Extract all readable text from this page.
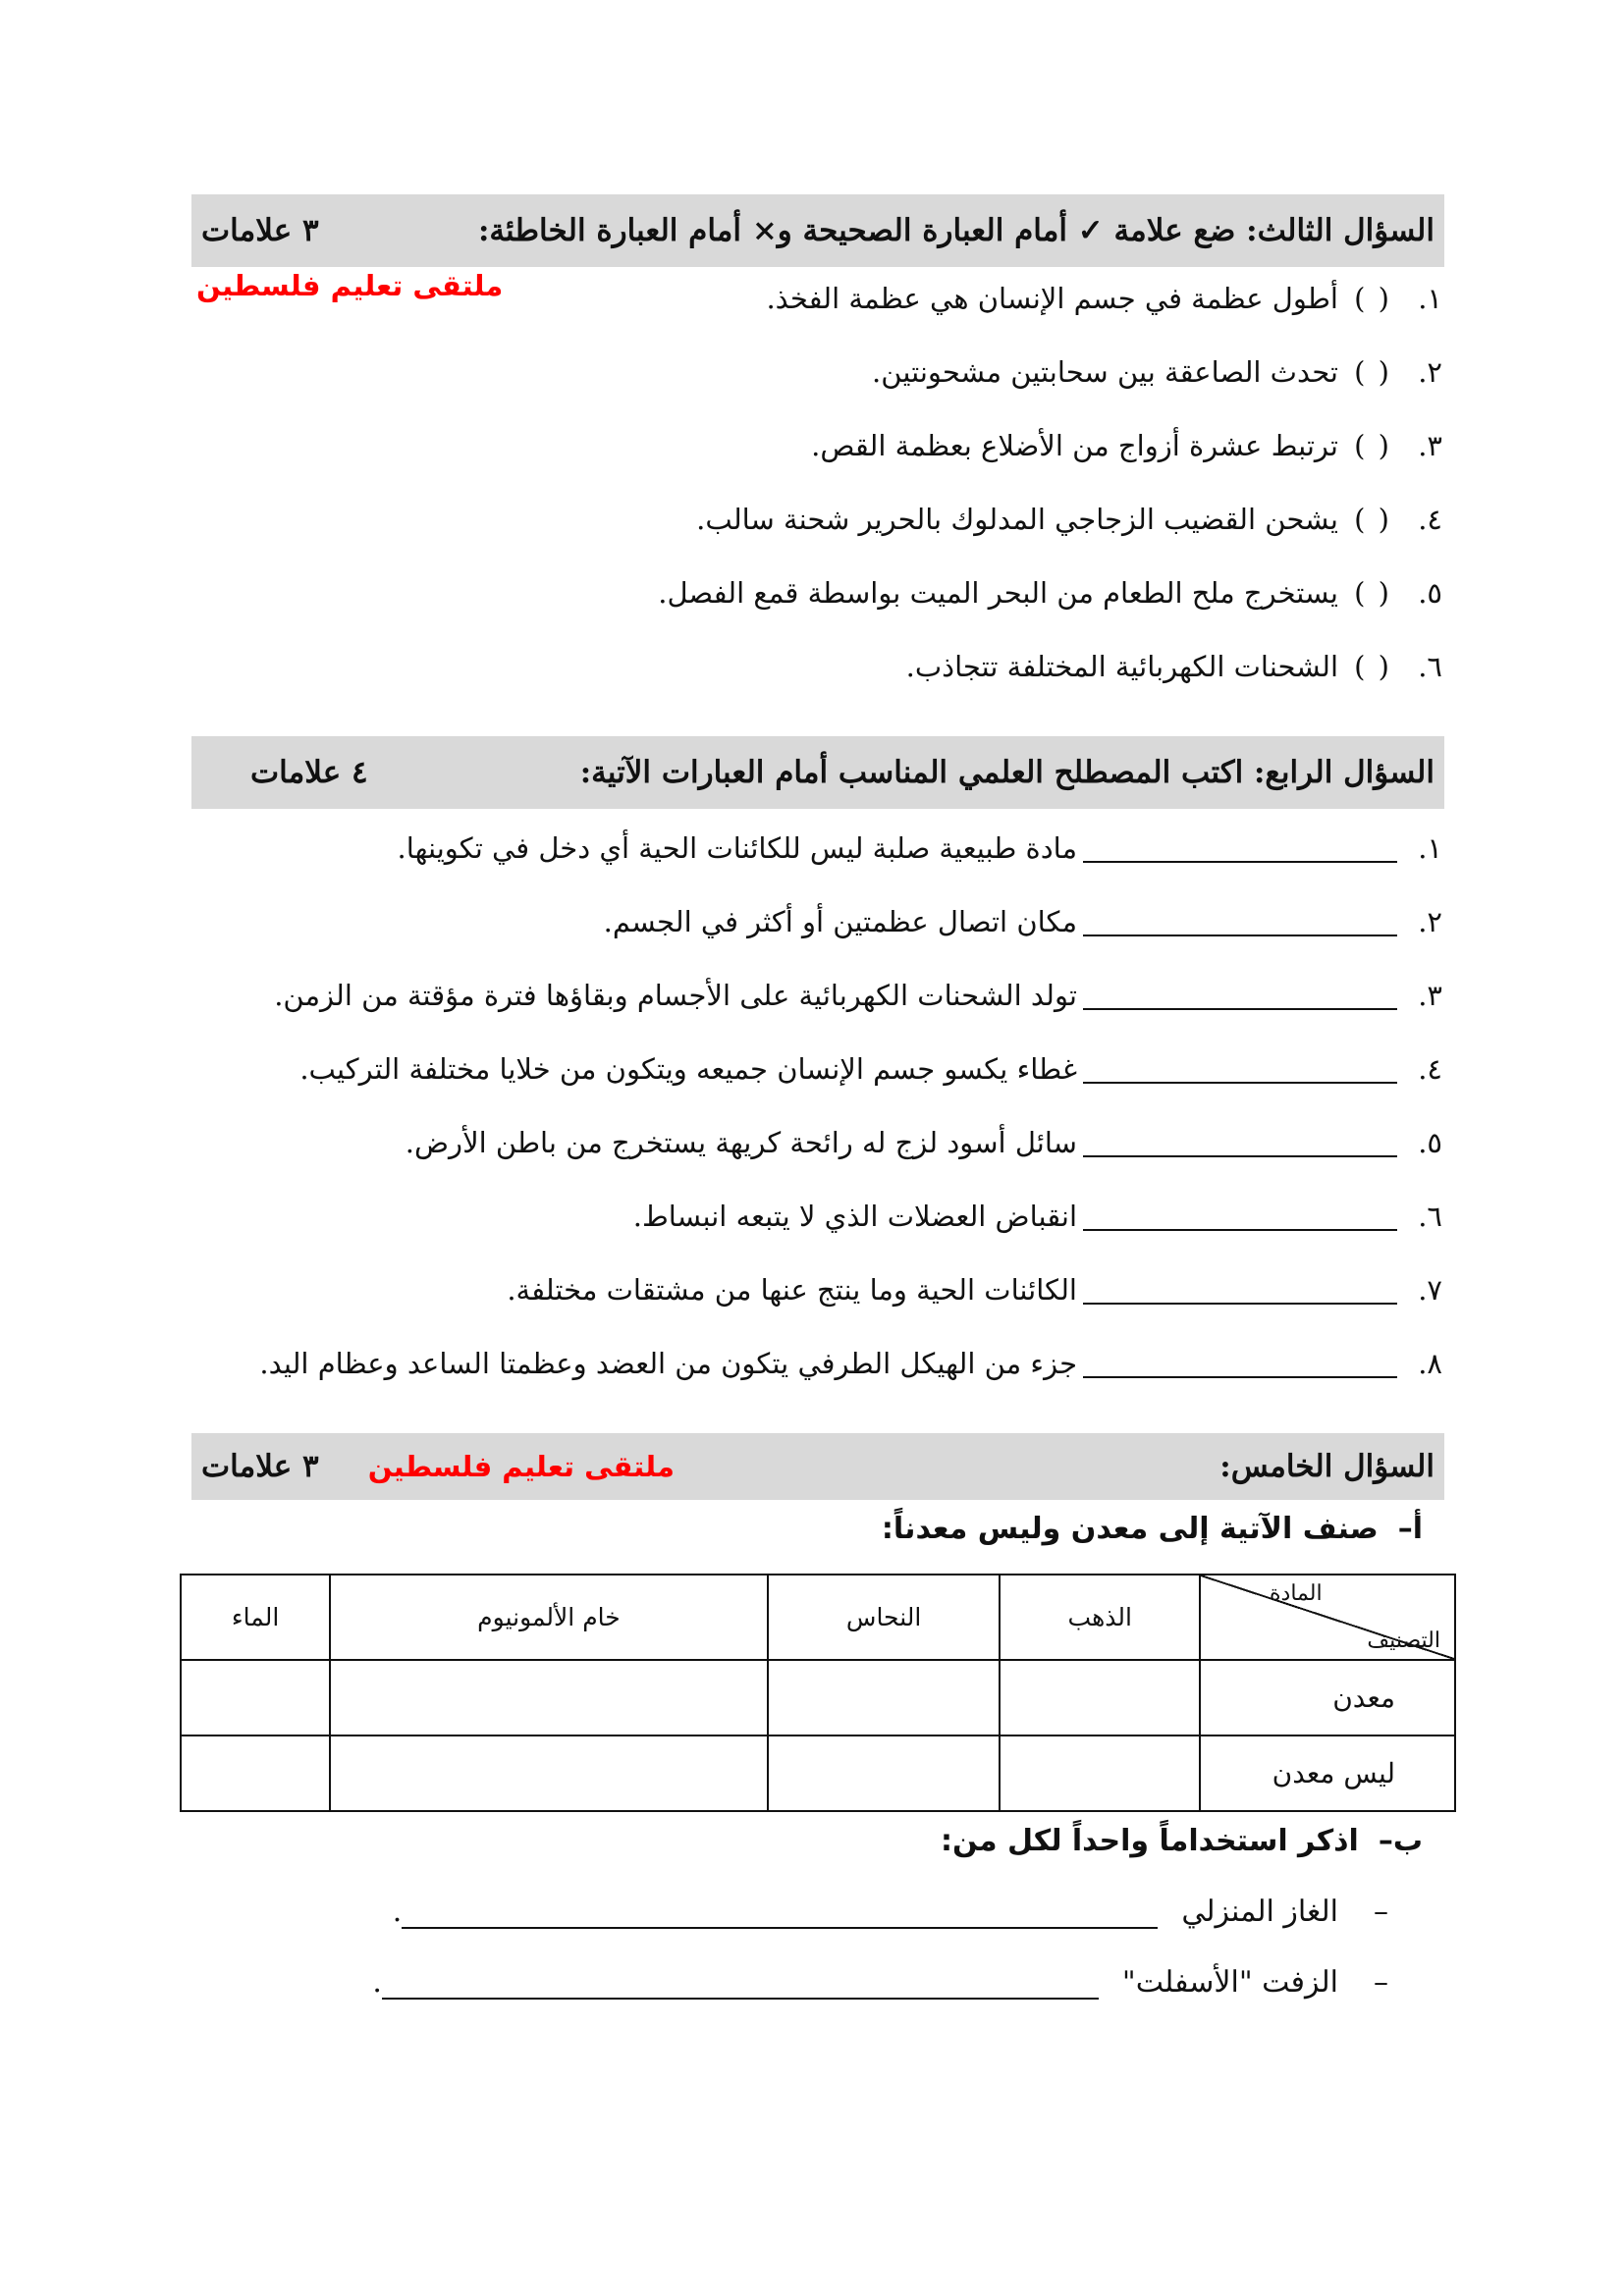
السؤال الثالث: ضع علامة ✓ أمام العبارة الصحيحة و× أمام العبارة الخاطئة:
٣ علامات
ملتقى تعليم فلسطين	١.
( )
أطول عظمة في جسم الإنسان هي عظمة الفخذ.
٢.
( )
تحدث الصاعقة بين سحابتين مشحونتين.
٣.
( )
ترتبط عشرة أزواج من الأضلاع بعظمة القص.
٤.
( )
يشحن القضيب الزجاجي المدلوك بالحرير شحنة سالب.
٥.
( )
يستخرج ملح الطعام من البحر الميت بواسطة قمع الفصل.
٦.
( )
الشحنات الكهربائية المختلفة تتجاذب.
السؤال الرابع: اكتب المصطلح العلمي المناسب أمام العبارات الآتية:
٤ علامات
١.
مادة طبيعية صلبة ليس للكائنات الحية أي دخل في تكوينها.
٢.
مكان اتصال عظمتين أو أكثر في الجسم.
٣.
تولد الشحنات الكهربائية على الأجسام وبقاؤها فترة مؤقتة من الزمن.
٤.
غطاء يكسو جسم الإنسان جميعه ويتكون من خلايا مختلفة التركيب.
٥.
سائل أسود لزج له رائحة كريهة يستخرج من باطن الأرض.
٦.
انقباض العضلات الذي لا يتبعه انبساط.
٧.
الكائنات الحية وما ينتج عنها من مشتقات مختلفة.
٨.
جزء من الهيكل الطرفي يتكون من العضد وعظمتا الساعد وعظام اليد.
السؤال الخامس:
ملتقى تعليم فلسطين
٣ علامات
أ–
صنف الآتية إلى معدن وليس معدناً:
المادة
التصنيف	الذهب	النحاس	خام الألمونيوم	الماء
معدن				
ليس معدن				
ب–
اذكر استخداماً واحداً لكل من:
–
الغاز المنزلي
.
–
الزفت "الأسفلت"
.
